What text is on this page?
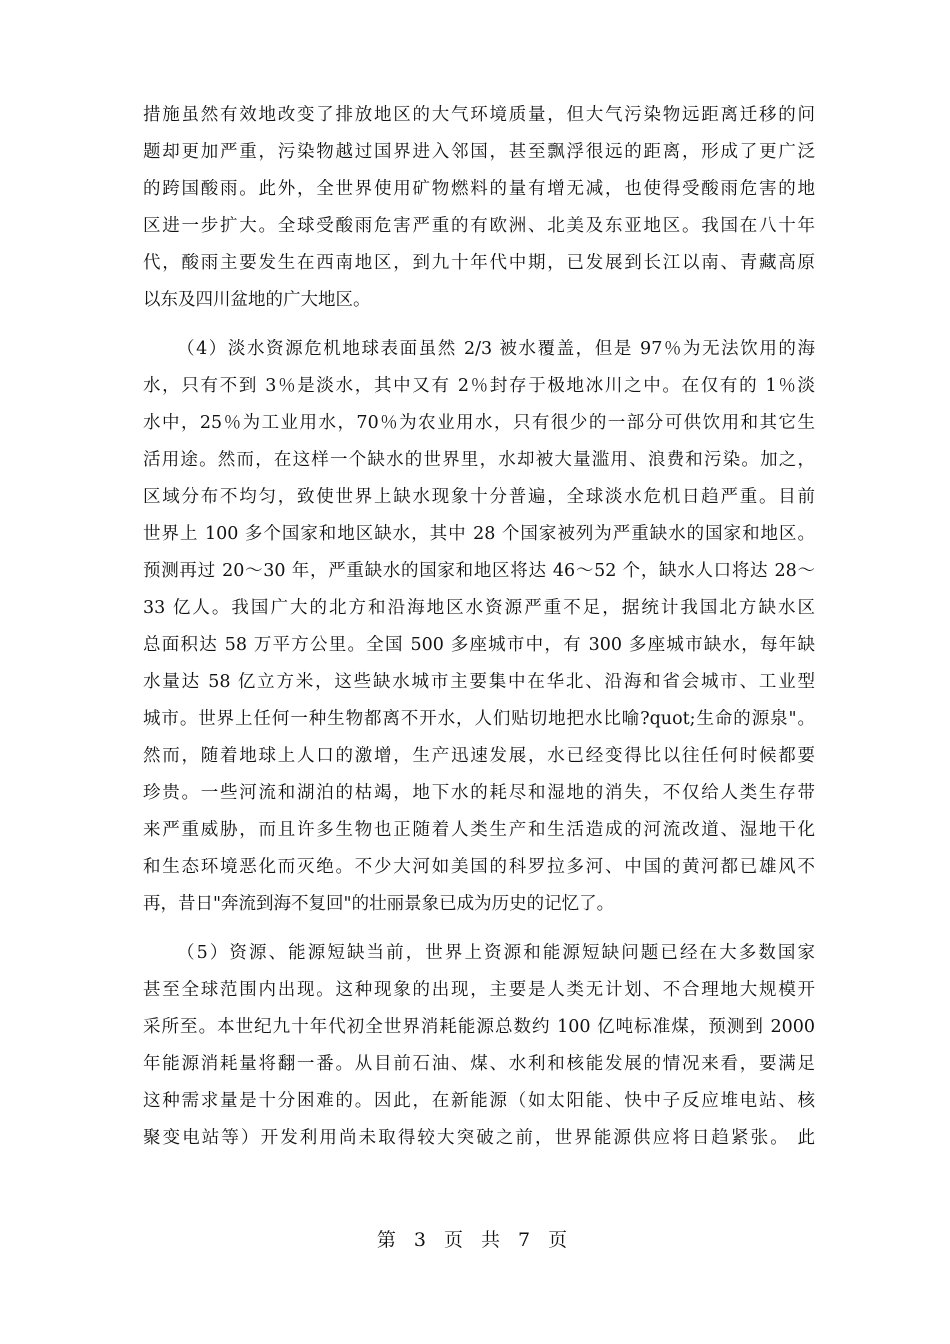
措施虽然有效地改变了排放地区的大气环境质量，但大气污染物远距离迁移的问
题却更加严重，污染物越过国界进入邻国，甚至飘浮很远的距离，形成了更广泛
的跨国酸雨。此外，全世界使用矿物燃料的量有增无减，也使得受酸雨危害的地
区进一步扩大。全球受酸雨危害严重的有欧洲、北美及东亚地区。我国在八十年
代，酸雨主要发生在西南地区，到九十年代中期，已发展到长江以南、青藏高原
以东及四川盆地的广大地区。
（4）淡水资源危机地球表面虽然 2/3 被水覆盖，但是 97％为无法饮用的海
水，只有不到 3％是淡水，其中又有 2％封存于极地冰川之中。在仅有的 1％淡
水中，25％为工业用水，70％为农业用水，只有很少的一部分可供饮用和其它生
活用途。然而，在这样一个缺水的世界里，水却被大量滥用、浪费和污染。加之，
区域分布不均匀，致使世界上缺水现象十分普遍，全球淡水危机日趋严重。目前
世界上 100 多个国家和地区缺水，其中 28 个国家被列为严重缺水的国家和地区。
预测再过 20～30 年，严重缺水的国家和地区将达 46～52 个，缺水人口将达 28～
33 亿人。我国广大的北方和沿海地区水资源严重不足，据统计我国北方缺水区
总面积达 58 万平方公里。全国 500 多座城市中，有 300 多座城市缺水，每年缺
水量达 58 亿立方米，这些缺水城市主要集中在华北、沿海和省会城市、工业型
城市。世界上任何一种生物都离不开水，人们贴切地把水比喻?quot;生命的源泉"。
然而，随着地球上人口的激增，生产迅速发展，水已经变得比以往任何时候都要
珍贵。一些河流和湖泊的枯竭，地下水的耗尽和湿地的消失，不仅给人类生存带
来严重威胁，而且许多生物也正随着人类生产和生活造成的河流改道、湿地干化
和生态环境恶化而灭绝。不少大河如美国的科罗拉多河、中国的黄河都已雄风不
再，昔日"奔流到海不复回"的壮丽景象已成为历史的记忆了。
（5）资源、能源短缺当前，世界上资源和能源短缺问题已经在大多数国家
甚至全球范围内出现。这种现象的出现，主要是人类无计划、不合理地大规模开
采所至。本世纪九十年代初全世界消耗能源总数约 100 亿吨标准煤，预测到 2000
年能源消耗量将翻一番。从目前石油、煤、水利和核能发展的情况来看，要满足
这种需求量是十分困难的。因此，在新能源（如太阳能、快中子反应堆电站、核
聚变电站等）开发利用尚未取得较大突破之前，世界能源供应将日趋紧张。 此
第 3 页 共 7 页
